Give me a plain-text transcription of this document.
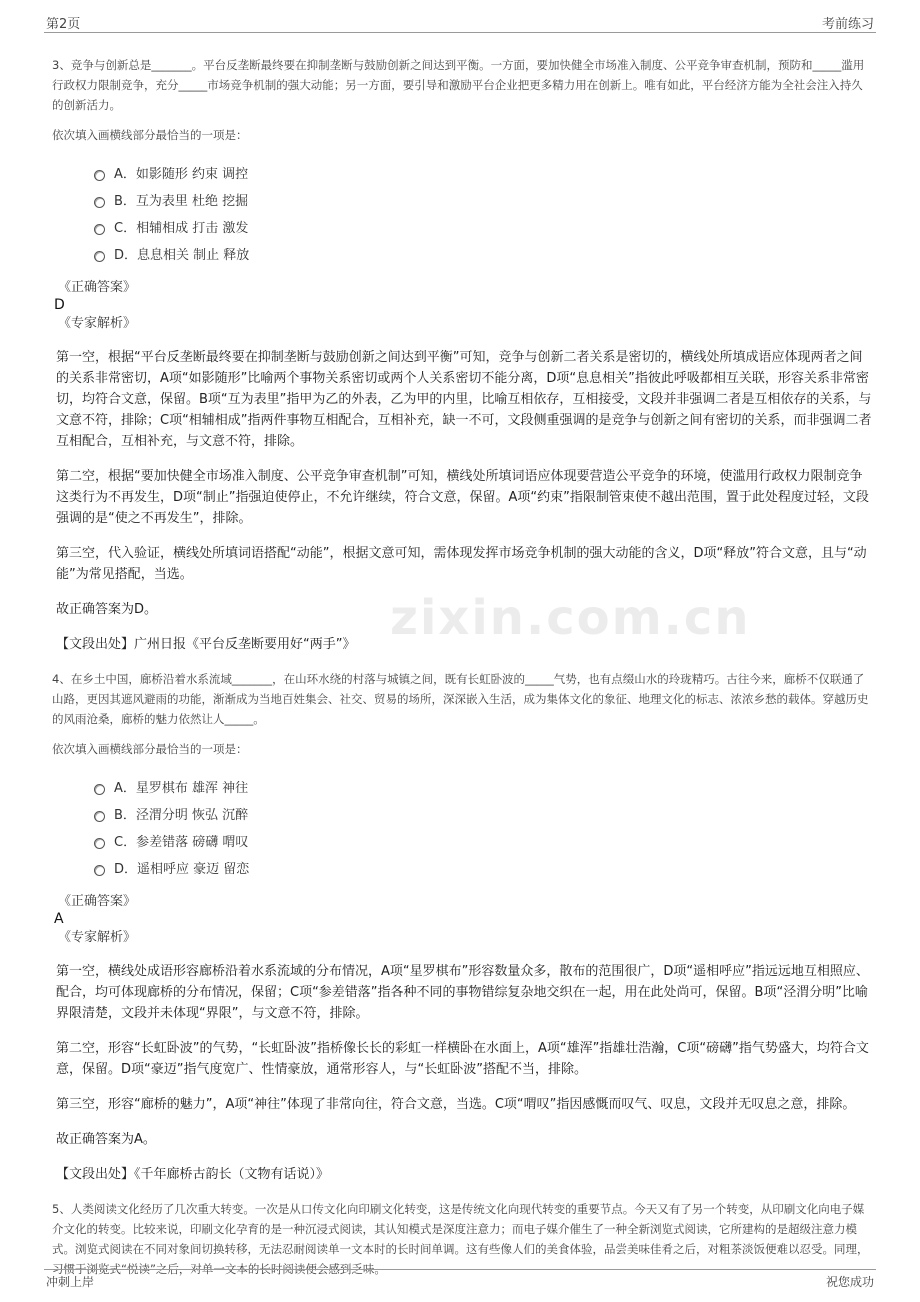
第2页	考前练习
zixin.com.cn

3、竞争与创新总是_______。平台反垄断最终要在抑制垄断与鼓励创新之间达到平衡。一方面，要加快健全市场准入制度、公平竞争审查机制，预防和_____滥用行政权力限制竞争，充分_____市场竞争机制的强大动能；另一方面，要引导和激励平台企业把更多精力用在创新上。唯有如此，平台经济方能为全社会注入持久的创新活力。

依次填入画横线部分最恰当的一项是：

A．如影随形 约束 调控
B．互为表里 杜绝 挖掘
C．相辅相成 打击 激发
D．息息相关 制止 释放
《正确答案》
D
《专家解析》

第一空，根据“平台反垄断最终要在抑制垄断与鼓励创新之间达到平衡”可知，竞争与创新二者关系是密切的，横线处所填成语应体现两者之间的关系非常密切，A项“如影随形”比喻两个事物关系密切或两个人关系密切不能分离，D项“息息相关”指彼此呼吸都相互关联，形容关系非常密切，均符合文意，保留。B项“互为表里”指甲为乙的外表，乙为甲的内里，比喻互相依存，互相接受，文段并非强调二者是互相依存的关系，与文意不符，排除；C项“相辅相成”指两件事物互相配合，互相补充，缺一不可，文段侧重强调的是竞争与创新之间有密切的关系，而非强调二者互相配合，互相补充，与文意不符，排除。

第二空，根据“要加快健全市场准入制度、公平竞争审查机制”可知，横线处所填词语应体现要营造公平竞争的环境，使滥用行政权力限制竞争这类行为不再发生，D项“制止”指强迫使停止，不允许继续，符合文意，保留。A项“约束”指限制管束使不越出范围，置于此处程度过轻，文段强调的是“使之不再发生”，排除。

第三空，代入验证，横线处所填词语搭配“动能”，根据文意可知，需体现发挥市场竞争机制的强大动能的含义，D项“释放”符合文意，且与“动能”为常见搭配，当选。

故正确答案为D。

【文段出处】广州日报《平台反垄断要用好“两手”》

4、在乡土中国，廊桥沿着水系流域_______，在山环水绕的村落与城镇之间，既有长虹卧波的_____气势，也有点缀山水的玲珑精巧。古往今来，廊桥不仅联通了山路，更因其遮风避雨的功能，渐渐成为当地百姓集会、社交、贸易的场所，深深嵌入生活，成为集体文化的象征、地理文化的标志、浓浓乡愁的载体。穿越历史的风雨沧桑，廊桥的魅力依然让人_____。

依次填入画横线部分最恰当的一项是：

A．星罗棋布 雄浑 神往
B．泾渭分明 恢弘 沉醉
C．参差错落 磅礴 喟叹
D．遥相呼应 豪迈 留恋
《正确答案》
A
《专家解析》

第一空，横线处成语形容廊桥沿着水系流域的分布情况，A项“星罗棋布”形容数量众多，散布的范围很广，D项“遥相呼应”指远远地互相照应、配合，均可体现廊桥的分布情况，保留；C项“参差错落”指各种不同的事物错综复杂地交织在一起，用在此处尚可，保留。B项“泾渭分明”比喻界限清楚，文段并未体现“界限”，与文意不符，排除。

第二空，形容“长虹卧波”的气势，“长虹卧波”指桥像长长的彩虹一样横卧在水面上，A项“雄浑”指雄壮浩瀚，C项“磅礴”指气势盛大，均符合文意，保留。D项“豪迈”指气度宽广、性情豪放，通常形容人，与“长虹卧波”搭配不当，排除。

第三空，形容“廊桥的魅力”，A项“神往”体现了非常向往，符合文意，当选。C项“喟叹”指因感慨而叹气、叹息，文段并无叹息之意，排除。

故正确答案为A。

【文段出处】《千年廊桥古韵长（文物有话说）》

5、人类阅读文化经历了几次重大转变。一次是从口传文化向印刷文化转变，这是传统文化向现代转变的重要节点。今天又有了另一个转变，从印刷文化向电子媒介文化的转变。比较来说，印刷文化孕育的是一种沉浸式阅读，其认知模式是深度注意力；而电子媒介催生了一种全新浏览式阅读，它所建构的是超级注意力模式。浏览式阅读在不同对象间切换转移，无法忍耐阅读单一文本时的长时间单调。这有些像人们的美食体验，品尝美味佳肴之后，对粗茶淡饭便难以忍受。同理，习惯于浏览式“悦读”之后，对单一文本的长时阅读便会感到乏味。

冲刺上岸	祝您成功
